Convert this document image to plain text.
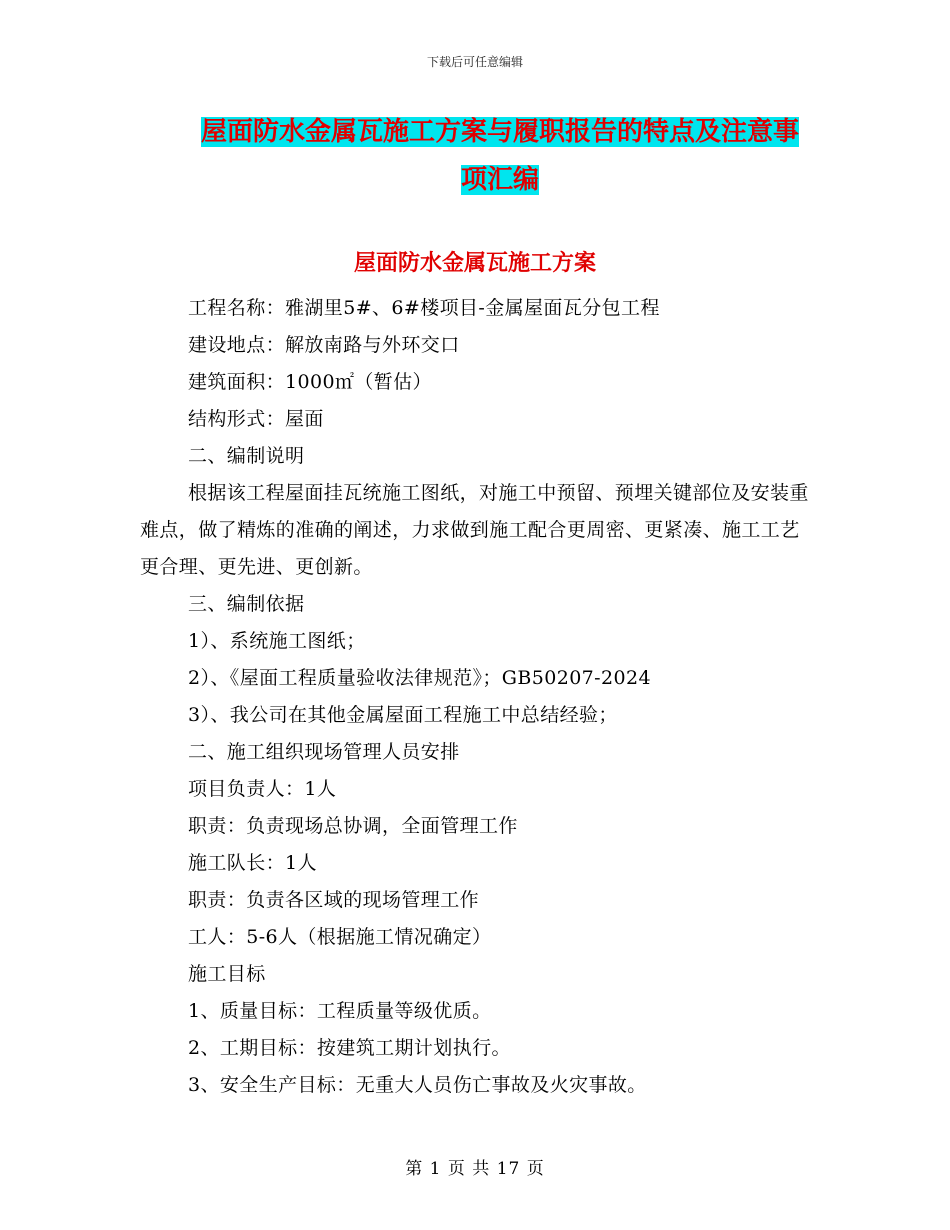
下载后可任意编辑
屋面防水金属瓦施工方案与履职报告的特点及注意事
项汇编
屋面防水金属瓦施工方案

工程名称：雅湖里5#、6#楼项目-金属屋面瓦分包工程

建设地点：解放南路与外环交口

建筑面积：1000㎡（暂估）

结构形式：屋面

二、编制说明

根据该工程屋面挂瓦统施工图纸，对施工中预留、预埋关键部位及安装重难点，做了精炼的准确的阐述，力求做到施工配合更周密、更紧凑、施工工艺更合理、更先进、更创新。

三、编制依据

1）、系统施工图纸；

2）、《屋面工程质量验收法律规范》；GB50207-2024

3）、我公司在其他金属屋面工程施工中总结经验；

二、施工组织现场管理人员安排

项目负责人：1人

职责：负责现场总协调，全面管理工作

施工队长：1人

职责：负责各区域的现场管理工作

工人：5-6人（根据施工情况确定）

施工目标

1、质量目标：工程质量等级优质。

2、工期目标：按建筑工期计划执行。

3、安全生产目标：无重大人员伤亡事故及火灾事故。

第 1 页 共 17 页
